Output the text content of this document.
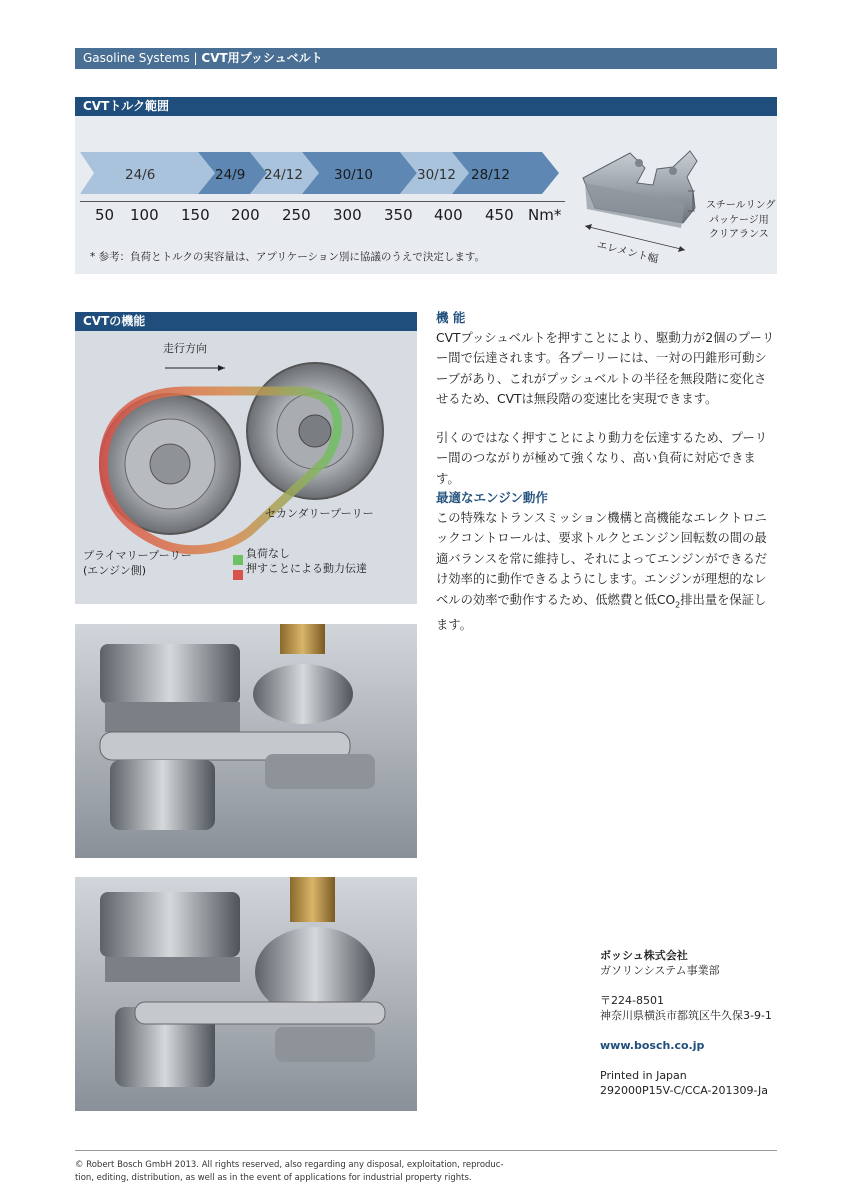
Gasoline Systems | CVT用プッシュベルト
CVTトルク範囲
24/6	24/9 24/12 30/10	30/12 28/12
50 100 150 200 250 300 350 400 450 Nm*
* 参考：負荷とトルクの実容量は、アプリケーション別に協議のうえで決定します。
スチールリング
パッケージ用
クリアランス
エレメント幅
CVTの機能
走行方向
セカンダリープーリー
プライマリープーリー
(エンジン側)
負荷なし
押すことによる動力伝達
機 能

CVTプッシュベルトを押すことにより、駆動力が2個のプーリー間で伝達されます。各プーリーには、一対の円錐形可動シーブがあり、これがプッシュベルトの半径を無段階に変化させるため、CVTは無段階の変速比を実現できます。

引くのではなく押すことにより動力を伝達するため、プーリー間のつながりが極めて強くなり、高い負荷に対応できます。

最適なエンジン動作

この特殊なトランスミッション機構と高機能なエレクトロニックコントロールは、要求トルクとエンジン回転数の間の最適バランスを常に維持し、それによってエンジンができるだけ効率的に動作できるようにします。エンジンが理想的なレベルの効率で動作するため、低燃費と低$CO_2$排出量を保証します。

ボッシュ株式会社
ガソリンシステム事業部
〒224-8501
神奈川県横浜市都筑区牛久保3-9-1
www.bosch.co.jp
Printed in Japan
292000P15V-C/CCA-201309-Ja
© Robert Bosch GmbH 2013. All rights reserved, also regarding any disposal, exploitation, reproduc-
tion, editing, distribution, as well as in the event of applications for industrial property rights.
